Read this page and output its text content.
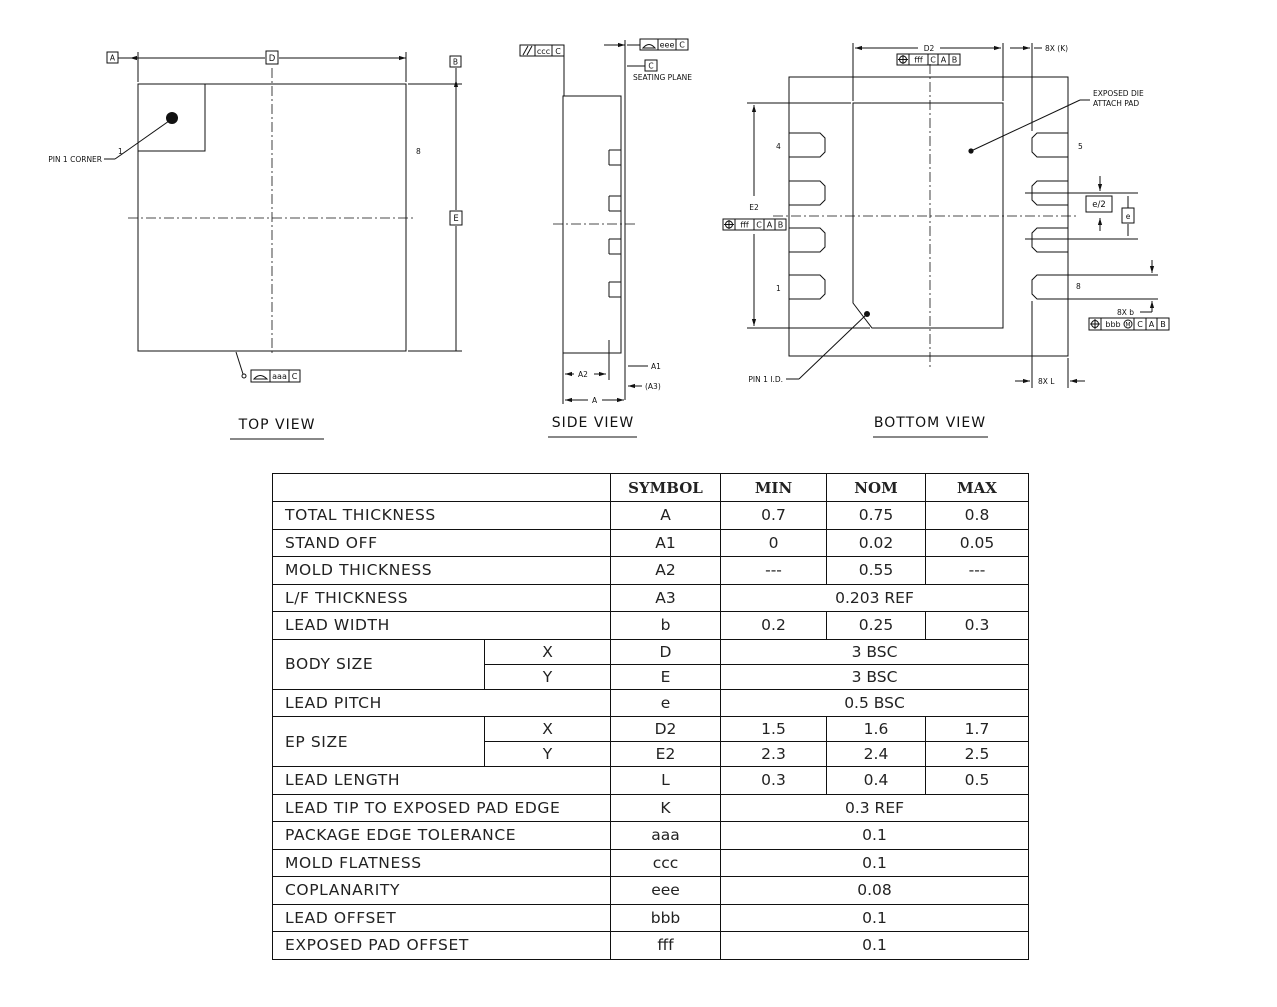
D
A
E
B
8
1
PIN 1 CORNER
aaa C
TOP VIEW
ccc C
eee C
C
SEATING PLANE
A1
A2
(A3)
A
SIDE VIEW
4
1
5
8
D2
fff C A B
8X (K)
EXPOSED DIE
ATTACH PAD
E2
fff C A B
e/2
e
8X b
bbb M C A B
8X L
PIN 1 I.D.
BOTTOM VIEW
		SYMBOL	MIN	NOM	MAX
TOTAL THICKNESS		A	0.7	0.75	0.8
STAND OFF		A1	0	0.02	0.05
MOLD THICKNESS		A2	---	0.55	---
L/F THICKNESS		A3	0.203 REF		
LEAD WIDTH		b	0.2	0.25	0.3
BODY SIZE	X	D	3 BSC		
	Y	E	3 BSC		
LEAD PITCH		e	0.5 BSC		
EP SIZE	X	D2	1.5	1.6	1.7
	Y	E2	2.3	2.4	2.5
LEAD LENGTH		L	0.3	0.4	0.5
LEAD TIP TO EXPOSED PAD EDGE		K	0.3 REF		
PACKAGE EDGE TOLERANCE		aaa	0.1		
MOLD FLATNESS		ccc	0.1		
COPLANARITY		eee	0.08		
LEAD OFFSET		bbb	0.1		
EXPOSED PAD OFFSET		fff	0.1		
